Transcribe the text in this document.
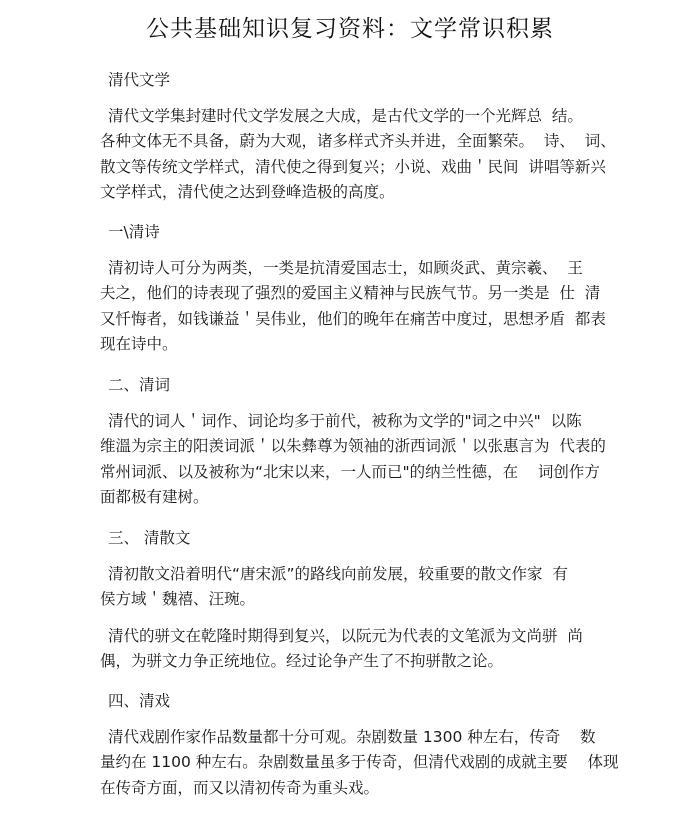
公共基础知识复习资料：文学常识积累
清代文学
清代文学集封建时代文学发展之大成，是古代文学的一个光辉总  结。
各种文体无不具备，蔚为大观，诸多样式齐头并进，全面繁荣。  诗、  词、
散文等传统文学样式，清代使之得到复兴；小说、戏曲＇民间  讲唱等新兴
文学样式，清代使之达到登峰造极的高度。
一\清诗
清初诗人可分为两类，一类是抗清爱国志士，如顾炎武、黄宗羲、  王
夫之，他们的诗表现了强烈的爱国主义精神与民族气节。另一类是  仕  清
又忏悔者，如钱谦益＇吴伟业，他们的晚年在痛苦中度过，思想矛盾  都表
现在诗中。
二、清词
清代的词人＇词作、词论均多于前代，被称为文学的"词之中兴"  以陈
维溫为宗主的阳羡词派＇以朱彝尊为领袖的浙西词派＇以张惠言为  代表的
常州词派、以及被称为“北宋以来，一人而已"的纳兰性德，在    词创作方
面都极有建树。
三、 清散文
清初散文沿着明代“唐宋派”的路线向前发展，较重要的散文作家  有
侯方域＇魏禧、汪琬。
清代的骈文在乾隆时期得到复兴，以阮元为代表的文笔派为文尚骈  尚
偶，为骈文力争正统地位。经过论争产生了不拘骈散之论。
四、清戏
清代戏剧作家作品数量都十分可观。杂剧数量 1300 种左右，传奇    数
量约在 1100 种左右。杂剧数量虽多于传奇，但清代戏剧的成就主要    体现
在传奇方面，而又以清初传奇为重头戏。
